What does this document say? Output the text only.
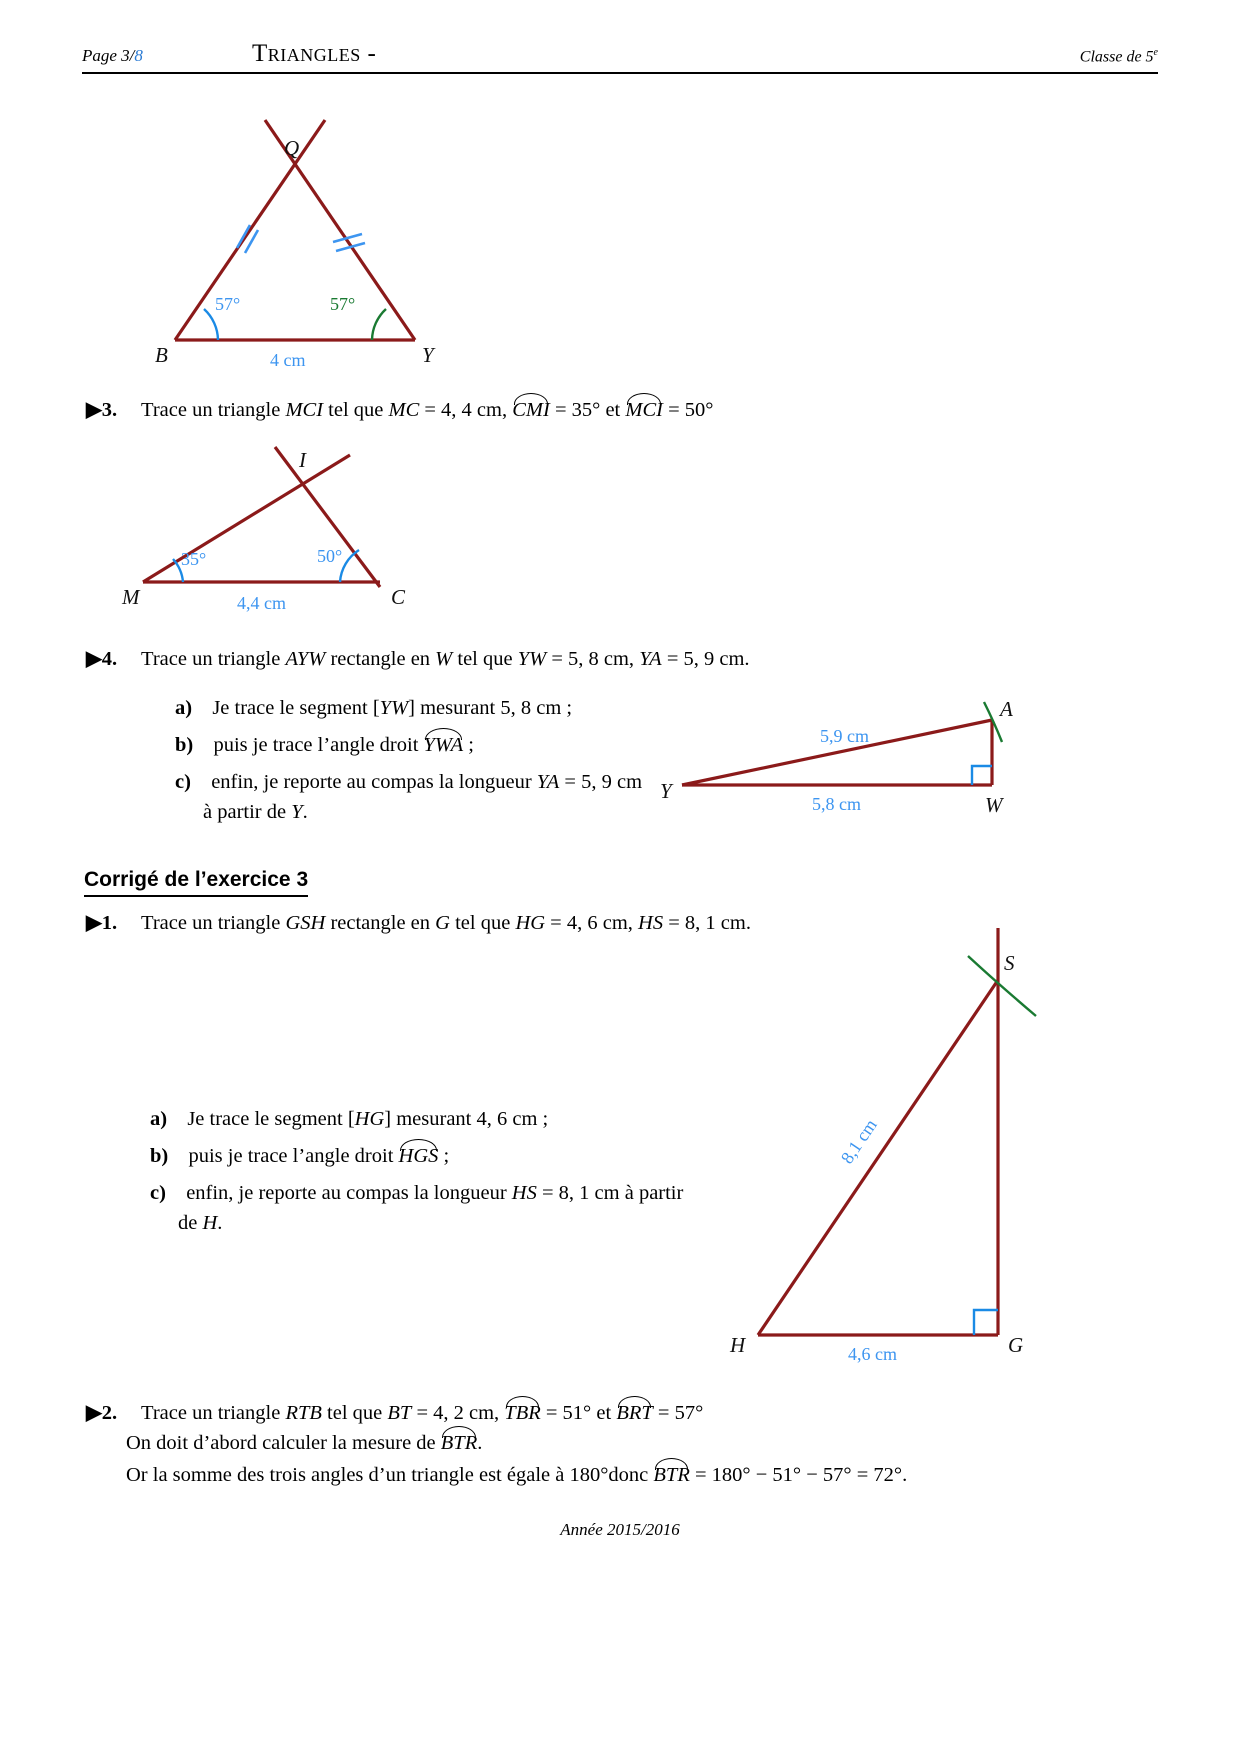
Page 3/8	Triangles -	Classe de 5e
Q
B	Y
57°	57°
4 cm
▶3. Trace un triangle MCI tel que MC = 4, 4 cm, CMI = 35° et MCI = 50°
I
M	C
35°	50°
4,4 cm
▶4. Trace un triangle AYW rectangle en W tel que YW = 5, 8 cm, YA = 5, 9 cm.
a) Je trace le segment [YW] mesurant 5, 8 cm ;
b) puis je trace l’angle droit YWA ;
c) enfin, je reporte au compas la longueur YA = 5, 9 cm
à partir de Y.
A
Y
W
5,9 cm
5,8 cm
Corrigé de l’exercice 3
▶1. Trace un triangle GSH rectangle en G tel que HG = 4, 6 cm, HS = 8, 1 cm.
a) Je trace le segment [HG] mesurant 4, 6 cm ;
b) puis je trace l’angle droit HGS ;
c) enfin, je reporte au compas la longueur HS = 8, 1 cm à partir
de H.
S
H	G
8,1 cm
4,6 cm
▶2. Trace un triangle RTB tel que BT = 4, 2 cm, TBR = 51° et BRT = 57°
On doit d’abord calculer la mesure de BTR.
Or la somme des trois angles d’un triangle est égale à 180°donc BTR = 180° − 51° − 57° = 72°.
Année 2015/2016
